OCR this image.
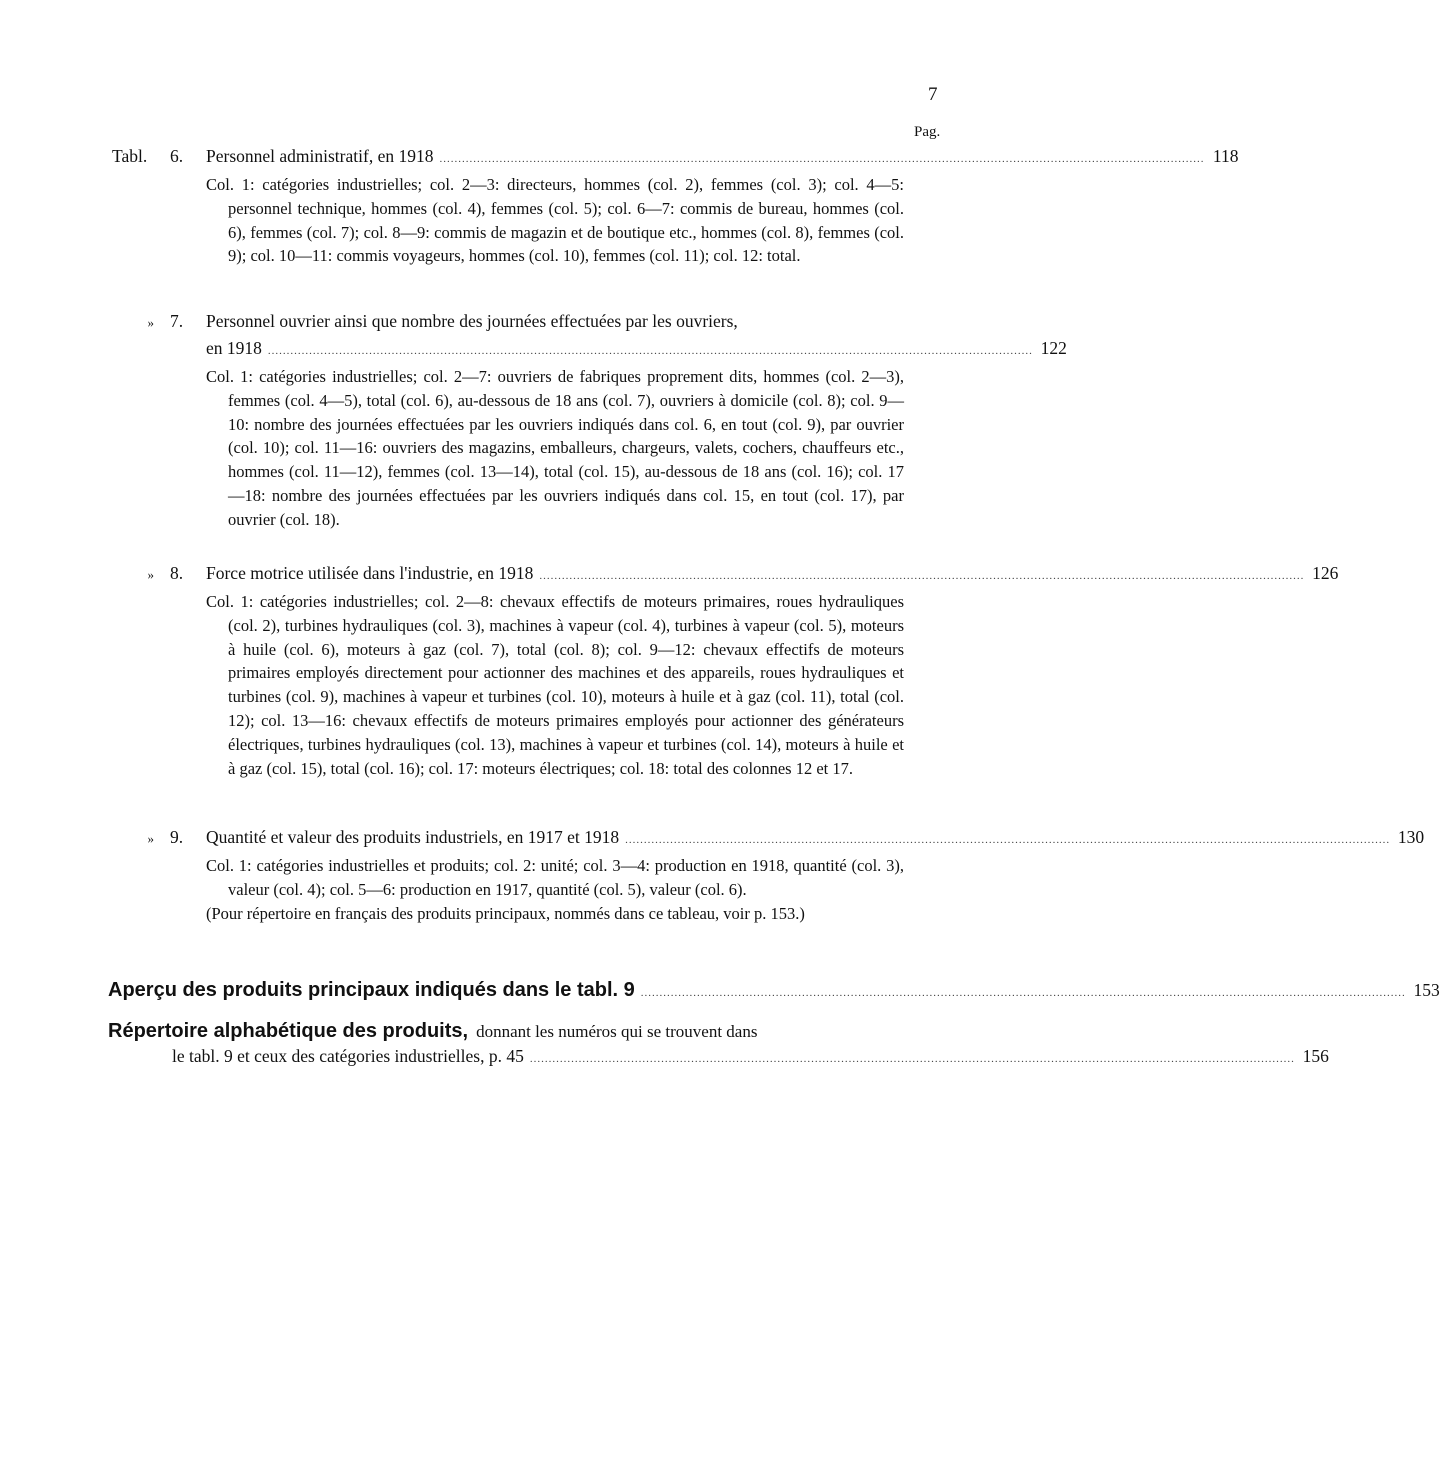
7
Pag.
Tabl.	6.	Personnel administratif, en 1918 .....	118

Col. 1: catégories industrielles; col. 2—3: directeurs, hommes (col. 2), femmes (col. 3); col. 4—5: personnel technique, hommes (col. 4), femmes (col. 5); col. 6—7: commis de bureau, hommes (col. 6), femmes (col. 7); col. 8—9: commis de magazin et de boutique etc., hommes (col. 8), femmes (col. 9); col. 10—11: commis voyageurs, hommes (col. 10), femmes (col. 11); col. 12: total.

» 7.	Personnel ouvrier ainsi que nombre des journées effectuées par les ouvriers,
en 1918 .....	122

Col. 1: catégories industrielles; col. 2—7: ouvriers de fabriques proprement dits, hommes (col. 2—3), femmes (col. 4—5), total (col. 6), au-dessous de 18 ans (col. 7), ouvriers à domicile (col. 8); col. 9—10: nombre des journées effectuées par les ouvriers indiqués dans col. 6, en tout (col. 9), par ouvrier (col. 10); col. 11—16: ouvriers des magazins, emballeurs, chargeurs, valets, cochers, chauffeurs etc., hommes (col. 11—12), femmes (col. 13—14), total (col. 15), au-dessous de 18 ans (col. 16); col. 17—18: nombre des journées effectuées par les ouvriers indiqués dans col. 15, en tout (col. 17), par ouvrier (col. 18).

» 8.	Force motrice utilisée dans l'industrie, en 1918 .....	126

Col. 1: catégories industrielles; col. 2—8: chevaux effectifs de moteurs primaires, roues hydrauliques (col. 2), turbines hydrauliques (col. 3), machines à vapeur (col. 4), turbines à vapeur (col. 5), moteurs à huile (col. 6), moteurs à gaz (col. 7), total (col. 8); col. 9—12: chevaux effectifs de moteurs primaires employés directement pour actionner des machines et des appareils, roues hydrauliques et turbines (col. 9), machines à vapeur et turbines (col. 10), moteurs à huile et à gaz (col. 11), total (col. 12); col. 13—16: chevaux effectifs de moteurs primaires employés pour actionner des générateurs électriques, turbines hydrauliques (col. 13), machines à vapeur et turbines (col. 14), moteurs à huile et à gaz (col. 15), total (col. 16); col. 17: moteurs électriques; col. 18: total des colonnes 12 et 17.

» 9.	Quantité et valeur des produits industriels, en 1917 et 1918 .....	130

Col. 1: catégories industrielles et produits; col. 2: unité; col. 3—4: production en 1918, quantité (col. 3), valeur (col. 4); col. 5—6: production en 1917, quantité (col. 5), valeur (col. 6).

(Pour répertoire en français des produits principaux, nommés dans ce tableau, voir p. 153.)

Aperçu des produits principaux indiqués dans le tabl. 9 .....	153
Répertoire alphabétique des produits, donnant les numéros qui se trouvent dans
le tabl. 9 et ceux des catégories industrielles, p. 45 .....	156
